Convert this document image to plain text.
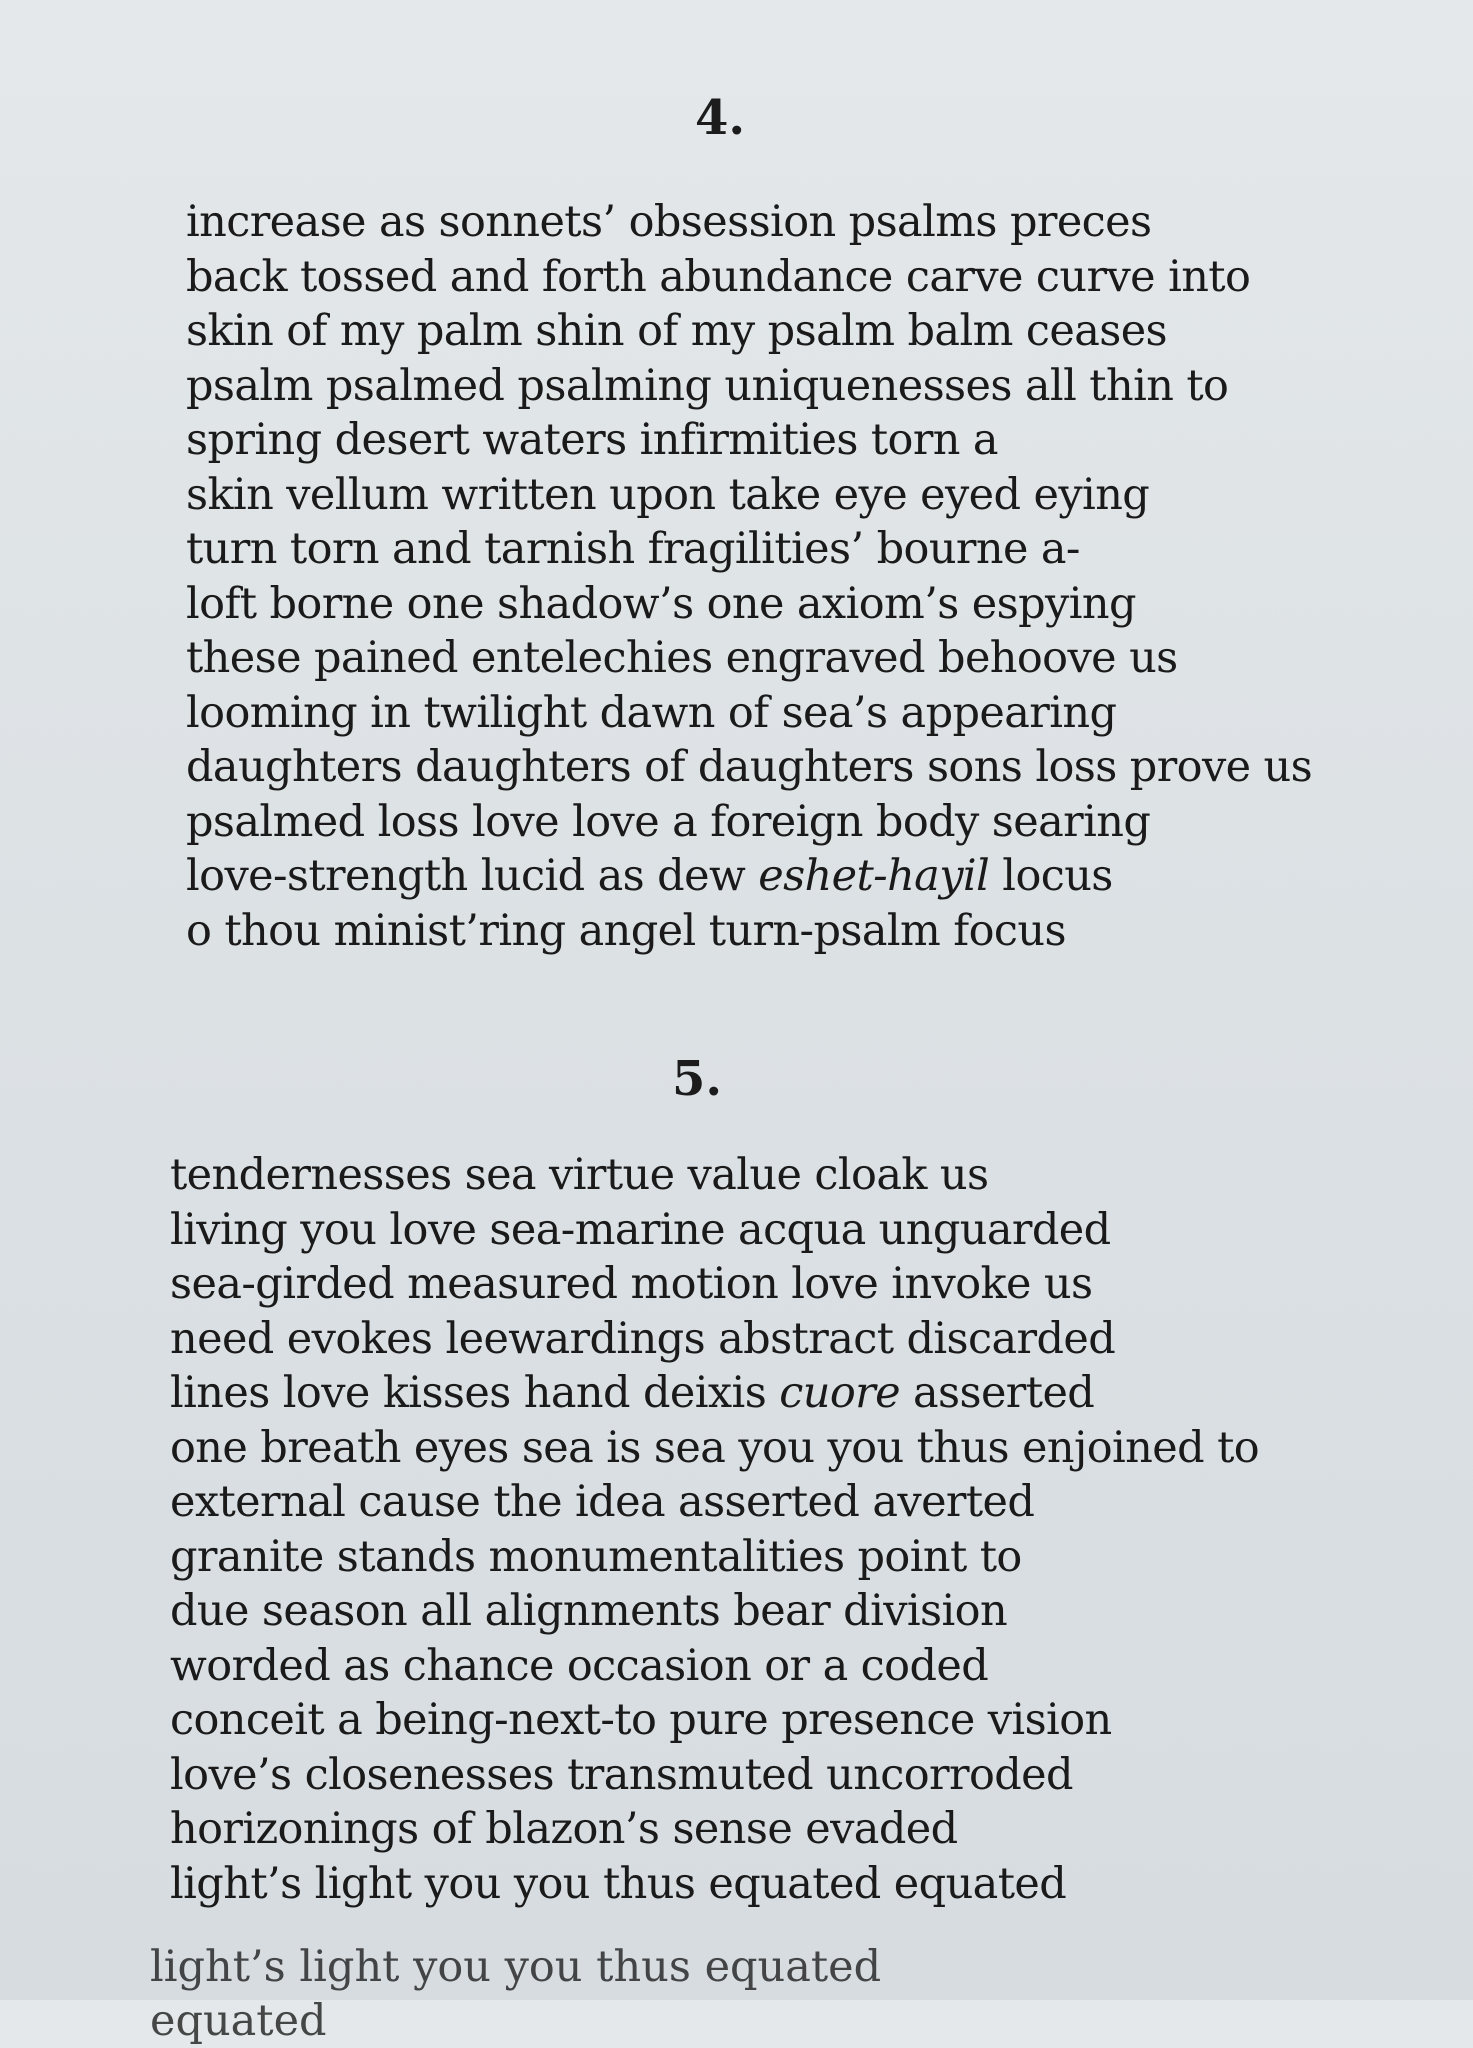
4.
increase as sonnets’ obsession psalms preces
back tossed and forth abundance carve curve into
skin of my palm shin of my psalm balm ceases
psalm psalmed psalming uniquenesses all thin to
spring desert waters infirmities torn a
skin vellum written upon take eye eyed eying
turn torn and tarnish fragilities’ bourne a-
loft borne one shadow’s one axiom’s espying
these pained entelechies engraved behoove us
looming in twilight dawn of sea’s appearing
daughters daughters of daughters sons loss prove us
psalmed loss love love a foreign body searing
love-strength lucid as dew eshet-hayil locus
o thou minist’ring angel turn-psalm focus
5.
tendernesses sea virtue value cloak us
living you love sea-marine acqua unguarded
sea-girded measured motion love invoke us
need evokes leewardings abstract discarded
lines love kisses hand deixis cuore asserted
one breath eyes sea is sea you you thus enjoined to
external cause the idea asserted averted
granite stands monumentalities point to
due season all alignments bear division
worded as chance occasion or a coded
conceit a being-next-to pure presence vision
love’s closenesses transmuted uncorroded
horizonings of blazon’s sense evaded
light’s light you you thus equated equated
light’s light you you thus equated equated
